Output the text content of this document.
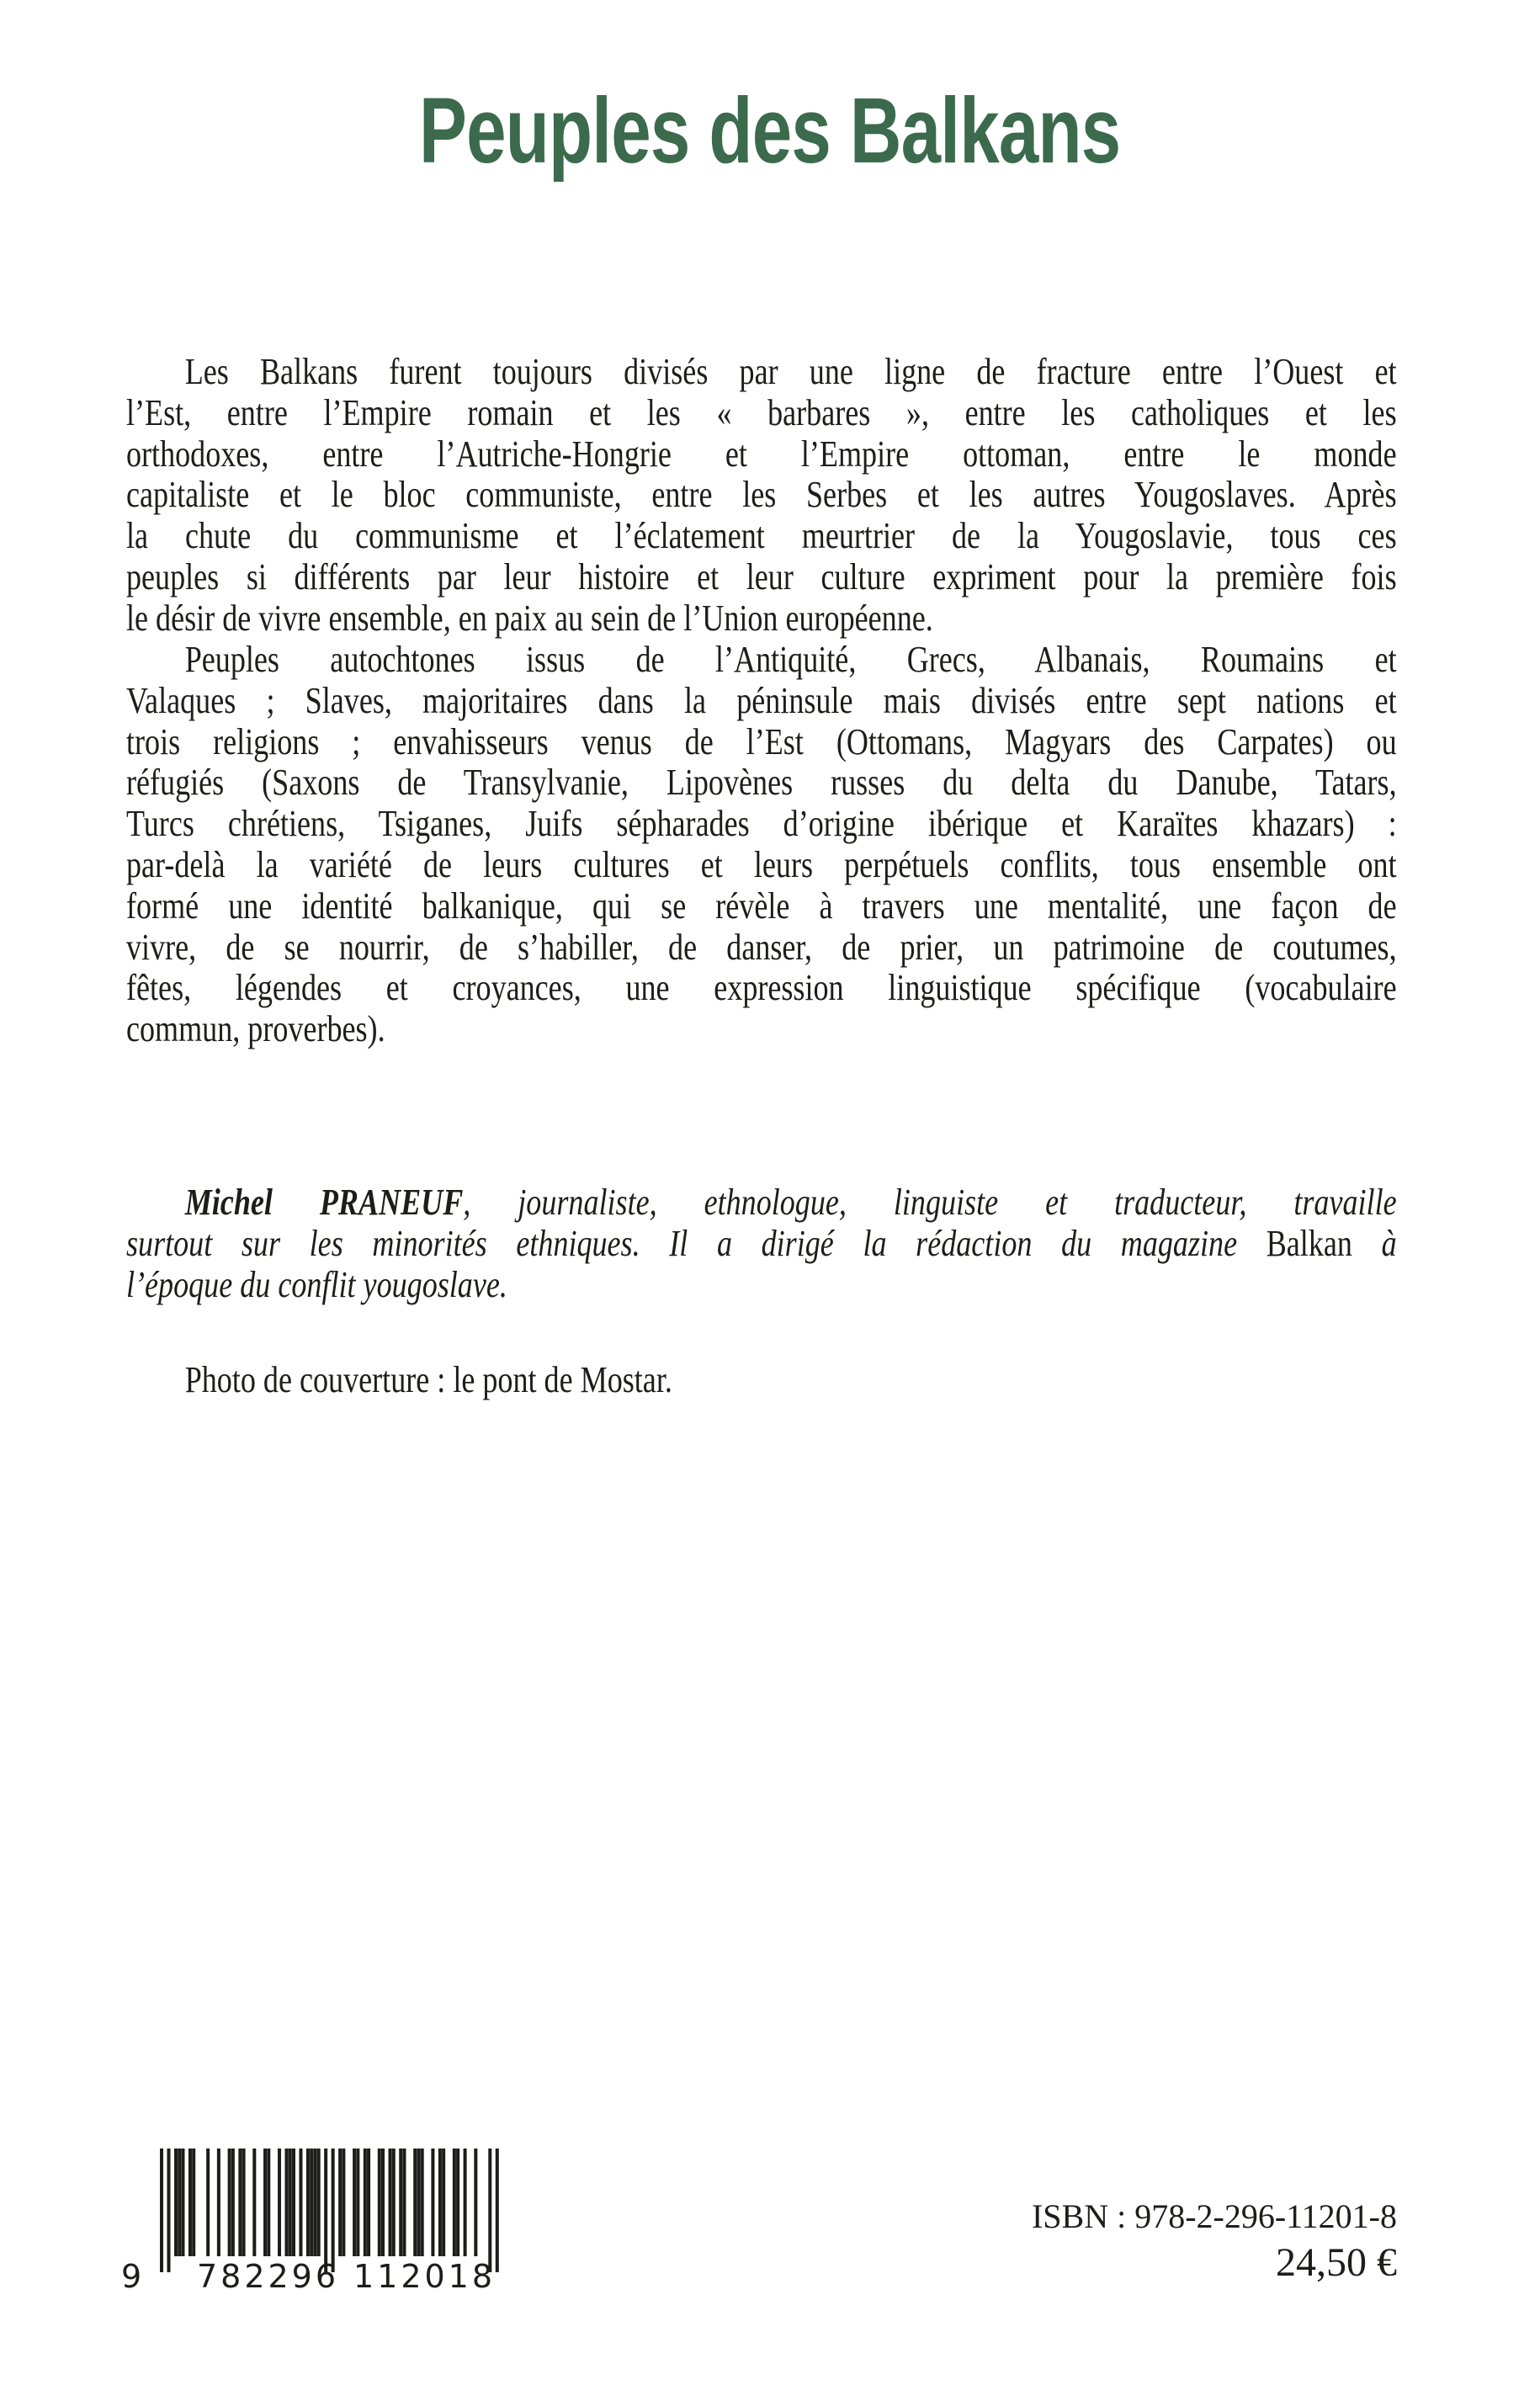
Peuples des Balkans
Les Balkans furent toujours divisés par une ligne de fracture entre l’Ouest et
l’Est, entre l’Empire romain et les « barbares », entre les catholiques et les
orthodoxes, entre l’Autriche-Hongrie et l’Empire ottoman, entre le monde
capitaliste et le bloc communiste, entre les Serbes et les autres Yougoslaves. Après
la chute du communisme et l’éclatement meurtrier de la Yougoslavie, tous ces
peuples si différents par leur histoire et leur culture expriment pour la première fois
le désir de vivre ensemble, en paix au sein de l’Union européenne.
Peuples autochtones issus de l’Antiquité, Grecs, Albanais, Roumains et
Valaques ; Slaves, majoritaires dans la péninsule mais divisés entre sept nations et
trois religions ; envahisseurs venus de l’Est (Ottomans, Magyars des Carpates) ou
réfugiés (Saxons de Transylvanie, Lipovènes russes du delta du Danube, Tatars,
Turcs chrétiens, Tsiganes, Juifs sépharades d’origine ibérique et Karaïtes khazars) :
par-delà la variété de leurs cultures et leurs perpétuels conflits, tous ensemble ont
formé une identité balkanique, qui se révèle à travers une mentalité, une façon de
vivre, de se nourrir, de s’habiller, de danser, de prier, un patrimoine de coutumes,
fêtes, légendes et croyances, une expression linguistique spécifique (vocabulaire
commun, proverbes).
Michel PRANEUF, journaliste, ethnologue, linguiste et traducteur, travaille
surtout sur les minorités ethniques. Il a dirigé la rédaction du magazine Balkan à
l’époque du conflit yougoslave.
Photo de couverture : le pont de Mostar.
9 782296 112018
ISBN : 978-2-296-11201-8
24,50 €
